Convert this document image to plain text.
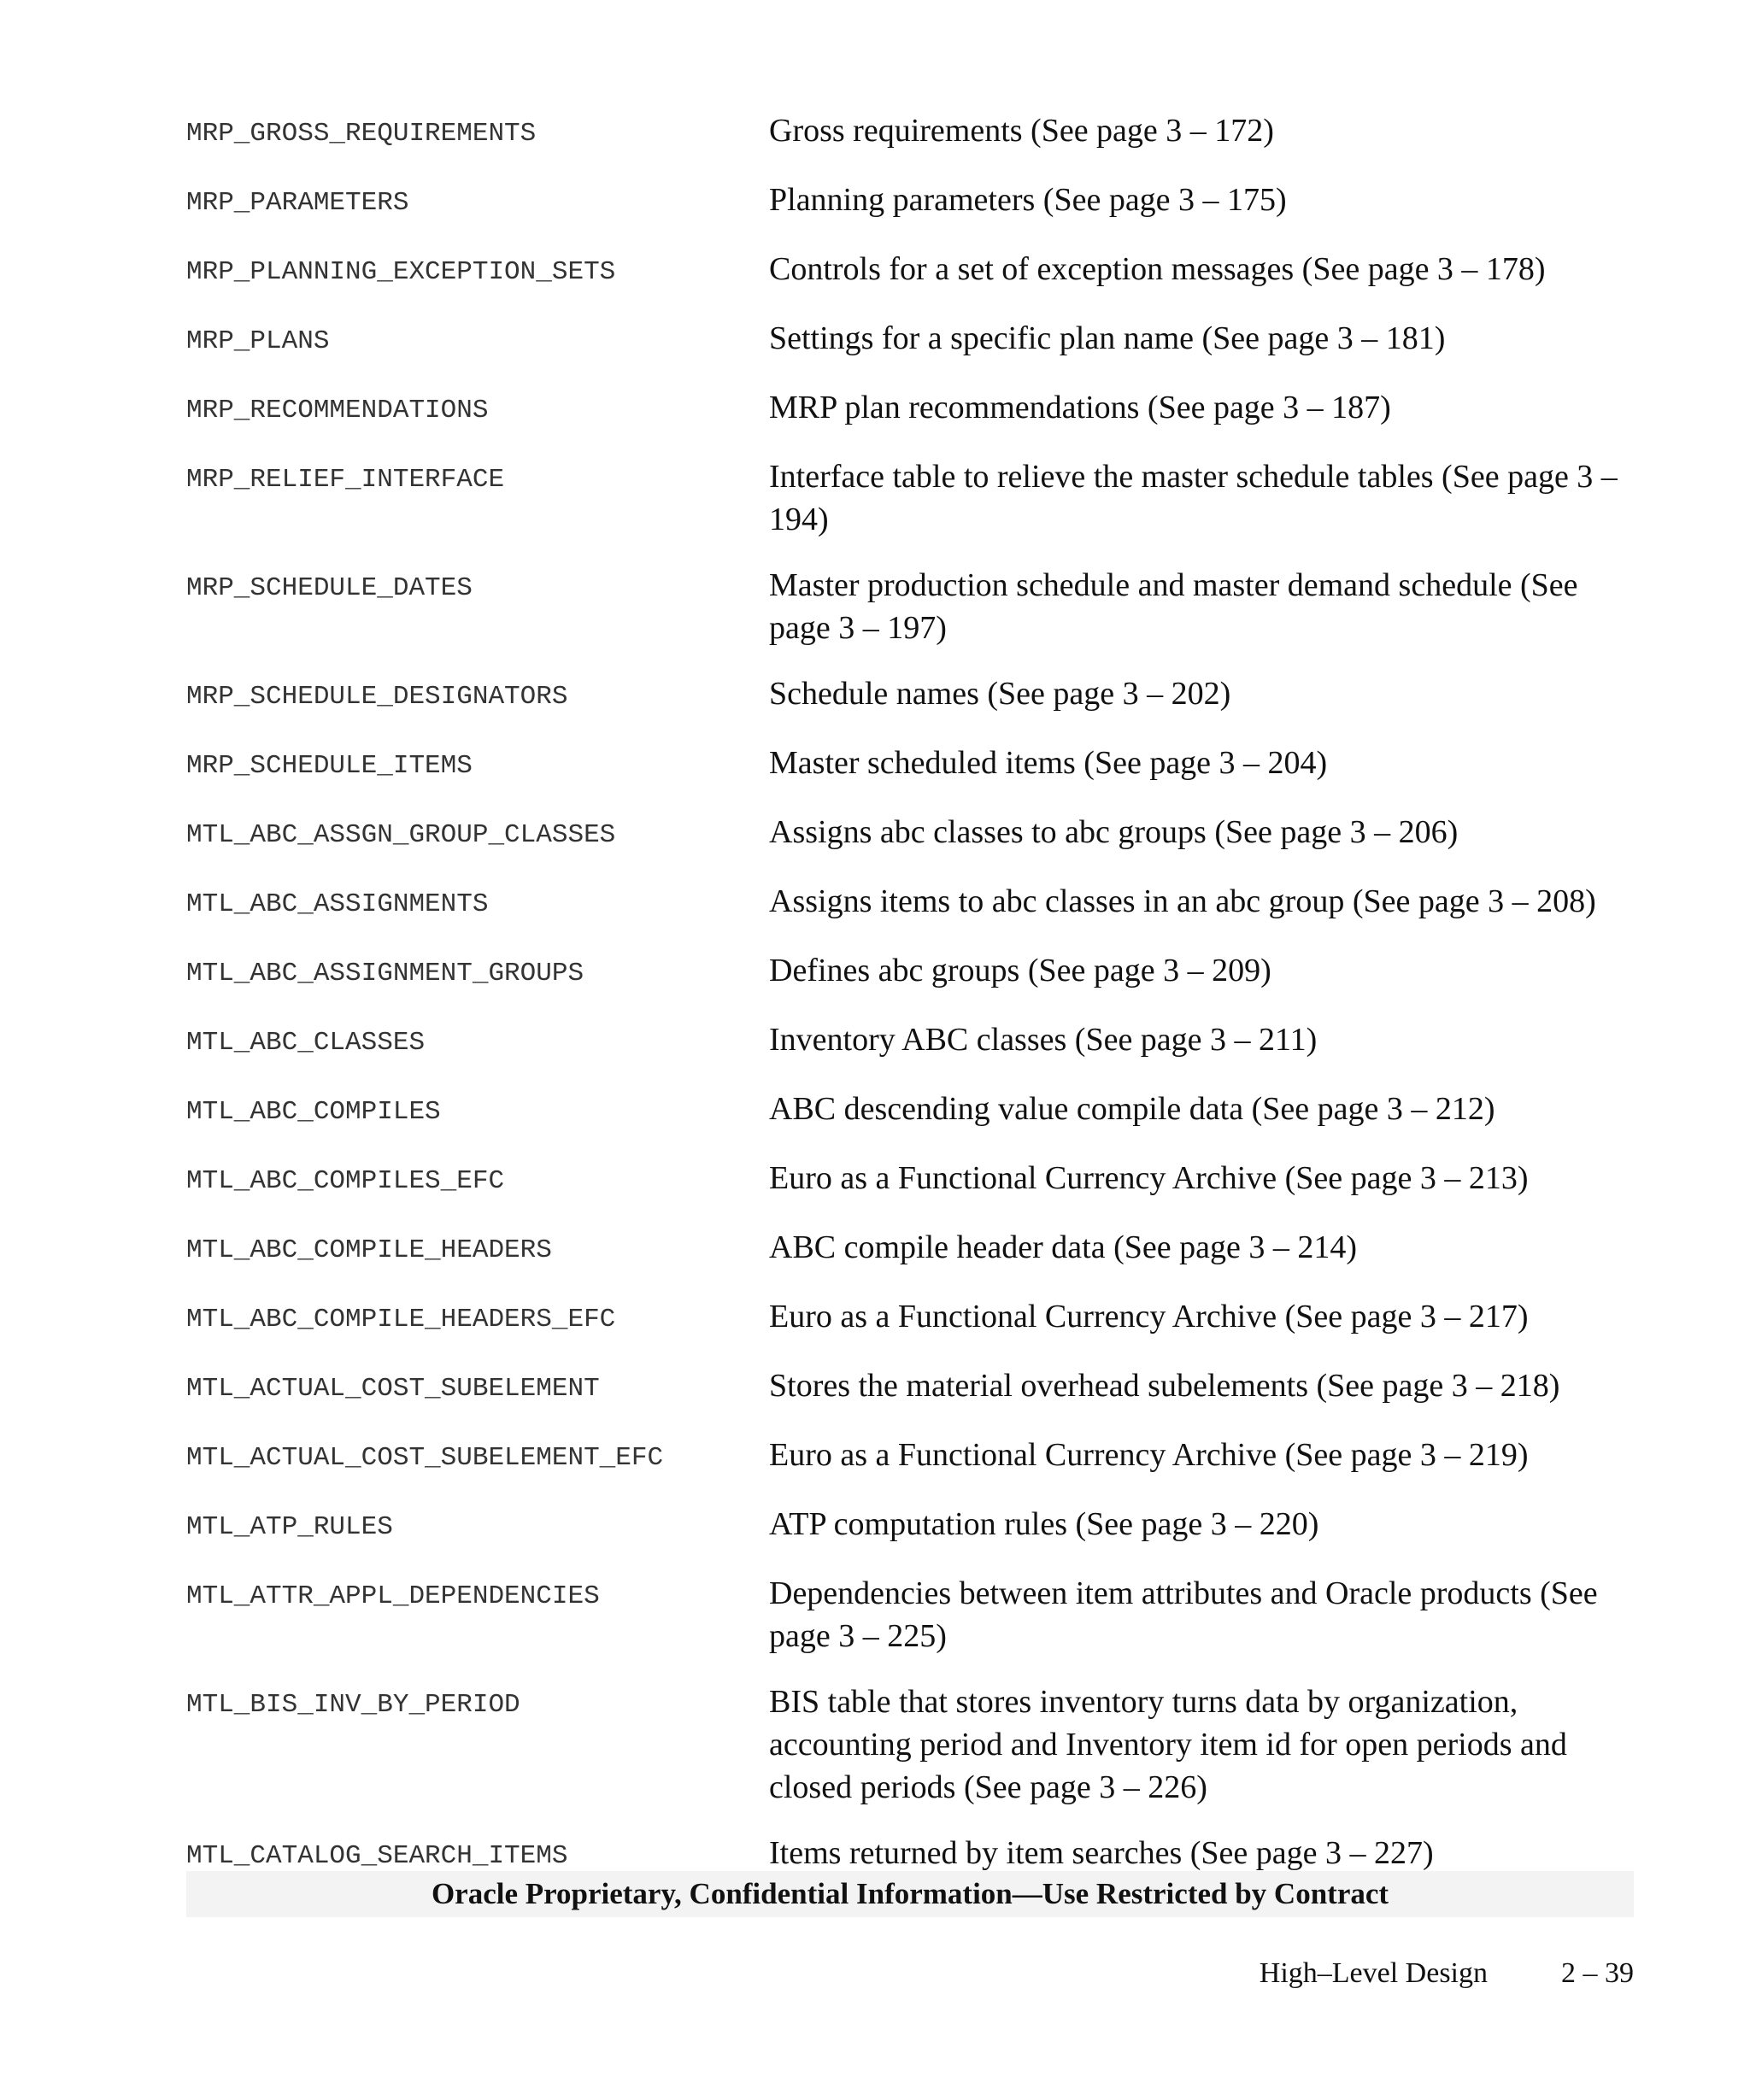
MRP_GROSS_REQUIREMENTS	Gross requirements (See page 3 – 172)
MRP_PARAMETERS	Planning parameters (See page 3 – 175)
MRP_PLANNING_EXCEPTION_SETS	Controls for a set of exception messages (See page 3 – 178)
MRP_PLANS	Settings for a specific plan name (See page 3 – 181)
MRP_RECOMMENDATIONS	MRP plan recommendations (See page 3 – 187)
MRP_RELIEF_INTERFACE	Interface table to relieve the master schedule tables (See page 3 – 194)
MRP_SCHEDULE_DATES	Master production schedule and master demand schedule (See page 3 – 197)
MRP_SCHEDULE_DESIGNATORS	Schedule names (See page 3 – 202)
MRP_SCHEDULE_ITEMS	Master scheduled items (See page 3 – 204)
MTL_ABC_ASSGN_GROUP_CLASSES	Assigns abc classes to abc groups (See page 3 – 206)
MTL_ABC_ASSIGNMENTS	Assigns items to abc classes in an abc group (See page 3 – 208)
MTL_ABC_ASSIGNMENT_GROUPS	Defines abc groups (See page 3 – 209)
MTL_ABC_CLASSES	Inventory ABC classes (See page 3 – 211)
MTL_ABC_COMPILES	ABC descending value compile data (See page 3 – 212)
MTL_ABC_COMPILES_EFC	Euro as a Functional Currency Archive (See page 3 – 213)
MTL_ABC_COMPILE_HEADERS	ABC compile header data (See page 3 – 214)
MTL_ABC_COMPILE_HEADERS_EFC	Euro as a Functional Currency Archive (See page 3 – 217)
MTL_ACTUAL_COST_SUBELEMENT	Stores the material overhead subelements (See page 3 – 218)
MTL_ACTUAL_COST_SUBELEMENT_EFC	Euro as a Functional Currency Archive (See page 3 – 219)
MTL_ATP_RULES	ATP computation rules (See page 3 – 220)
MTL_ATTR_APPL_DEPENDENCIES	Dependencies between item attributes and Oracle products (See page 3 – 225)
MTL_BIS_INV_BY_PERIOD	BIS table that stores inventory turns data by organization, accounting period and Inventory item id for open periods and closed periods (See page 3 – 226)
MTL_CATALOG_SEARCH_ITEMS	Items returned by item searches (See page 3 – 227)
Oracle Proprietary, Confidential Information––Use Restricted by Contract
High–Level Design	2 – 39
